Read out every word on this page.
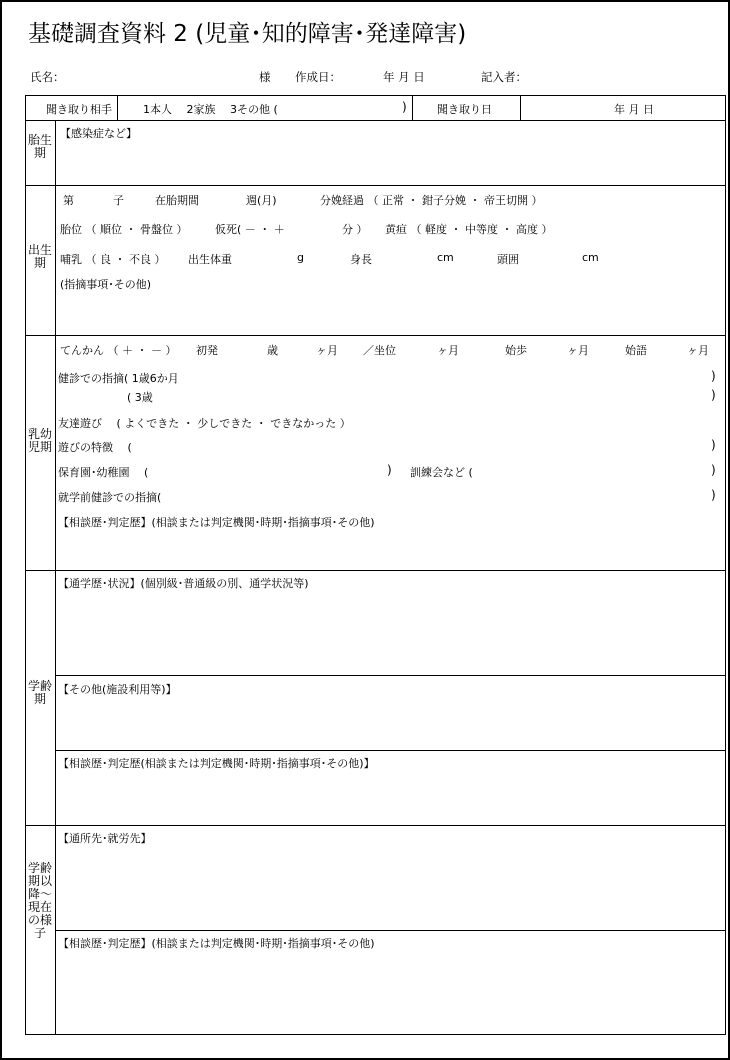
基礎調査資料 2 (児童･知的障害･発達障害)
氏名：	様 作成日：	年 月 日	記入者：
聞き取り相手	1本人　 2家族　 3その他 (	)	聞き取り日	年 月 日
胎生期
【感染症など】
出生期
第	子	在胎期間	週(月)	分娩経過 （ 正常 ・ 鉗子分娩 ・ 帝王切開 ）
胎位 （ 順位 ・ 骨盤位 ）	仮死( － ・ ＋	分 ） 黄疸 （ 軽度 ・ 中等度 ・ 高度 ）
哺乳 （ 良 ・ 不良 ） 出生体重	g	身長	cm	頭囲	cm
(指摘事項･その他)
乳幼児期
てんかん （ ＋ ・ － ） 初発	歳	ヶ月 ／坐位	ヶ月	始歩	ヶ月	始語	ヶ月
健診での指摘( 1歳6か月	)
( 3歳	)
友達遊び　 ( よくできた ・ 少しできた ・ できなかった ）
遊びの特徴 　(	)
保育園･幼稚園 　(	) 訓練会など (	)
就学前健診での指摘(	)
【相談歴･判定歴】(相談または判定機関･時期･指摘事項･その他)
学齢期
【通学歴･状況】(個別級･普通級の別、通学状況等)
【その他(施設利用等)】
【相談歴･判定歴(相談または判定機関･時期･指摘事項･その他)】
学齢期以降～現在の様子
【通所先･就労先】
【相談歴･判定歴】(相談または判定機関･時期･指摘事項･その他)
